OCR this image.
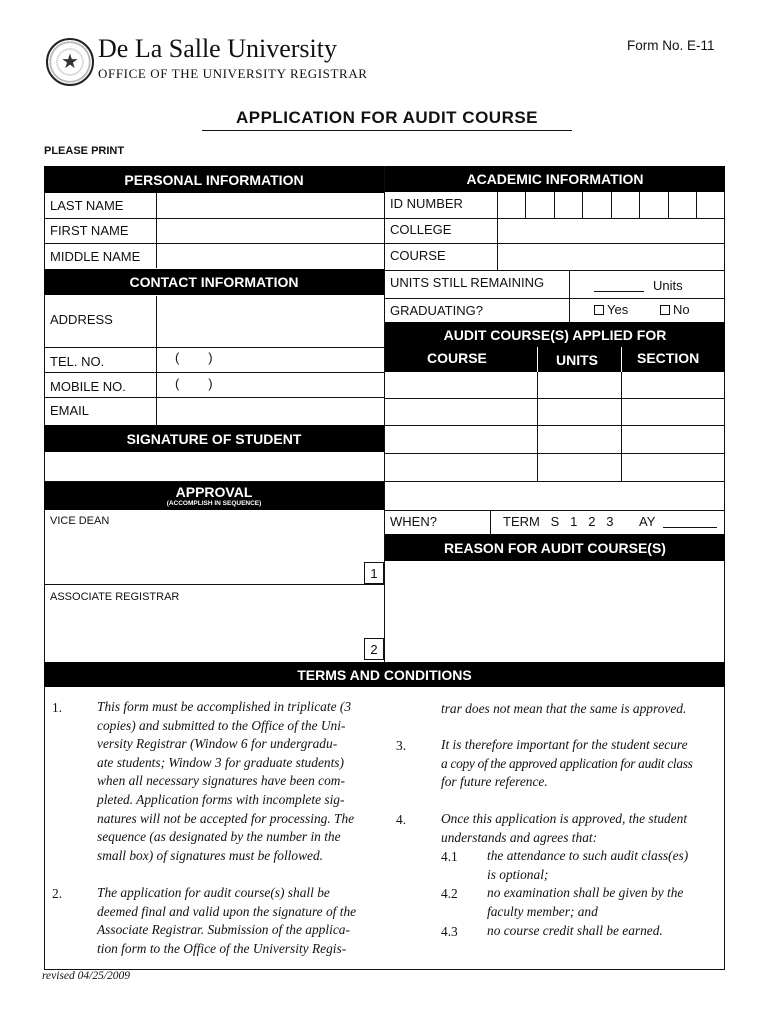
★ De La Salle University
OFFICE OF THE UNIVERSITY REGISTRAR
Form No. E-11
APPLICATION FOR AUDIT COURSE
PLEASE PRINT
PERSONAL INFORMATION
LAST NAME
FIRST NAME
MIDDLE NAME
CONTACT INFORMATION
ADDRESS
TEL. NO.	(        )
MOBILE NO.	(        )
EMAIL
SIGNATURE OF STUDENT
APPROVAL
(ACCOMPLISH IN SEQUENCE)
VICE DEAN
1
ASSOCIATE REGISTRAR
2
ACADEMIC INFORMATION
ID NUMBER
COLLEGE
COURSE
UNITS STILL REMAINING	Units
GRADUATING?	Yes	No
AUDIT COURSE(S) APPLIED FOR
COURSE	UNITS	SECTION
WHEN?	TERM   S   1   2   3 AY
REASON FOR AUDIT COURSE(S)
TERMS AND CONDITIONS
1.	This form must be accomplished in triplicate (3
copies) and submitted to the Office of the Uni-
versity Registrar (Window 6 for undergradu-
ate students; Window 3 for graduate students)
when all necessary signatures have been com-
pleted. Application forms with incomplete sig-
natures will not be accepted for processing. The
sequence (as designated by the number in the
small box) of signatures must be followed.
2.	The application for audit course(s) shall be
deemed final and valid upon the signature of the
Associate Registrar. Submission of the applica-
tion form to the Office of the University Regis-
trar does not mean that the same is approved.
3.	It is therefore important for the student secure
a copy of the approved application for audit class
for future reference.
4.	Once this application is approved, the student
understands and agrees that:
4.1 the attendance to such audit class(es)
is optional;
4.2 no examination shall be given by the
faculty member; and
4.3 no course credit shall be earned.
revised 04/25/2009
